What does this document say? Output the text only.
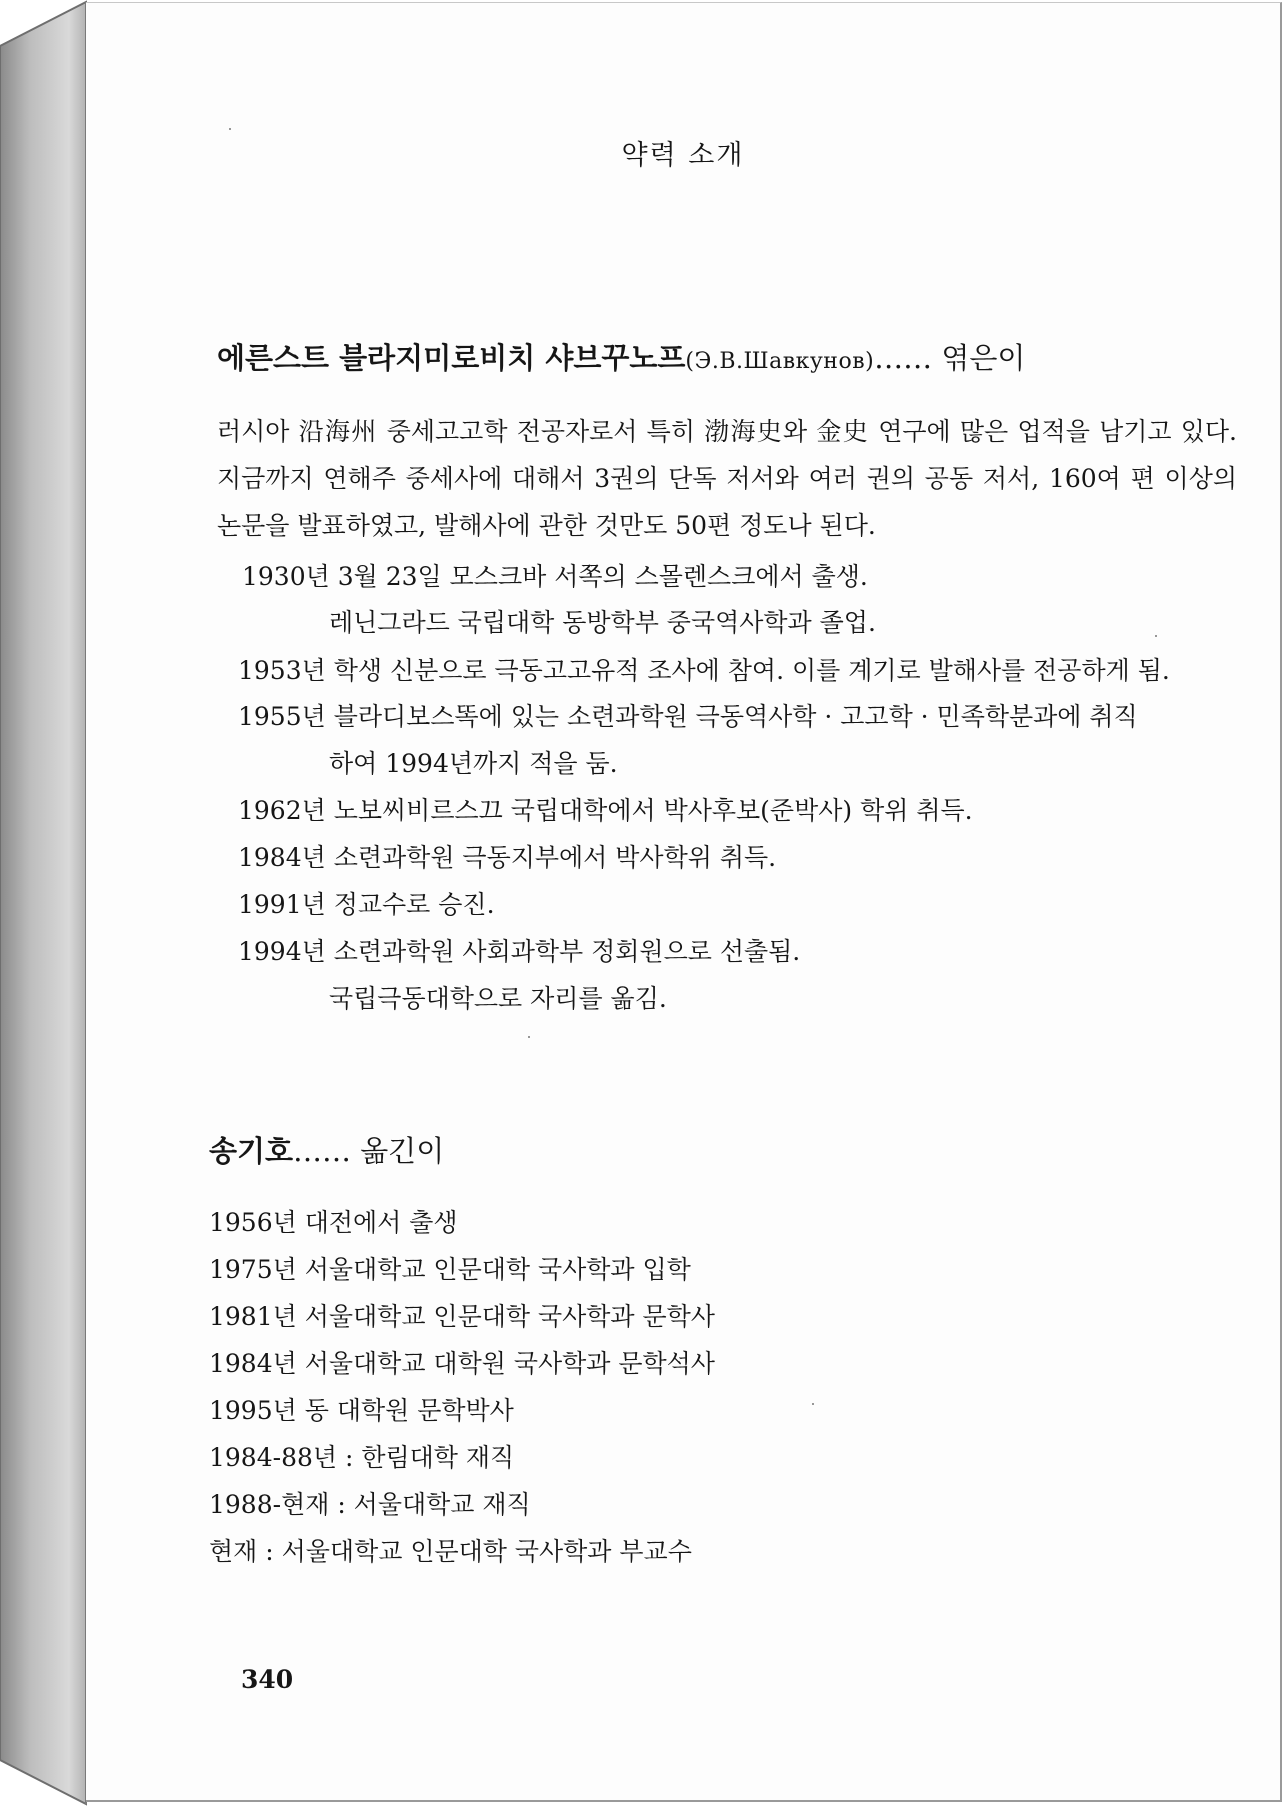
약력 소개
에른스트 블라지미로비치 샤브꾸노프(Э.В.Шавкунов)…… 엮은이

러시아 沿海州 중세고고학 전공자로서 특히 渤海史와 金史 연구에 많은 업적을 남기고 있다. 지금까지 연해주 중세사에 대해서 3권의 단독 저서와 여러 권의 공동 저서, 160여 편 이상의 논문을 발표하였고, 발해사에 관한 것만도 50편 정도나 된다.

1930년 3월 23일 모스크바 서쪽의 스몰렌스크에서 출생.
레닌그라드 국립대학 동방학부 중국역사학과 졸업.
1953년 학생 신분으로 극동고고유적 조사에 참여. 이를 계기로 발해사를 전공하게 됨.
1955년 블라디보스똑에 있는 소련과학원 극동역사학 · 고고학 · 민족학분과에 취직
하여 1994년까지 적을 둠.
1962년 노보씨비르스끄 국립대학에서 박사후보(준박사) 학위 취득.
1984년 소련과학원 극동지부에서 박사학위 취득.
1991년 정교수로 승진.
1994년 소련과학원 사회과학부 정회원으로 선출됨.
국립극동대학으로 자리를 옮김.
송기호…… 옮긴이
1956년 대전에서 출생
1975년 서울대학교 인문대학 국사학과 입학
1981년 서울대학교 인문대학 국사학과 문학사
1984년 서울대학교 대학원 국사학과 문학석사
1995년 동 대학원 문학박사
1984-88년 : 한림대학 재직
1988-현재 : 서울대학교 재직
현재 : 서울대학교 인문대학 국사학과 부교수
340
